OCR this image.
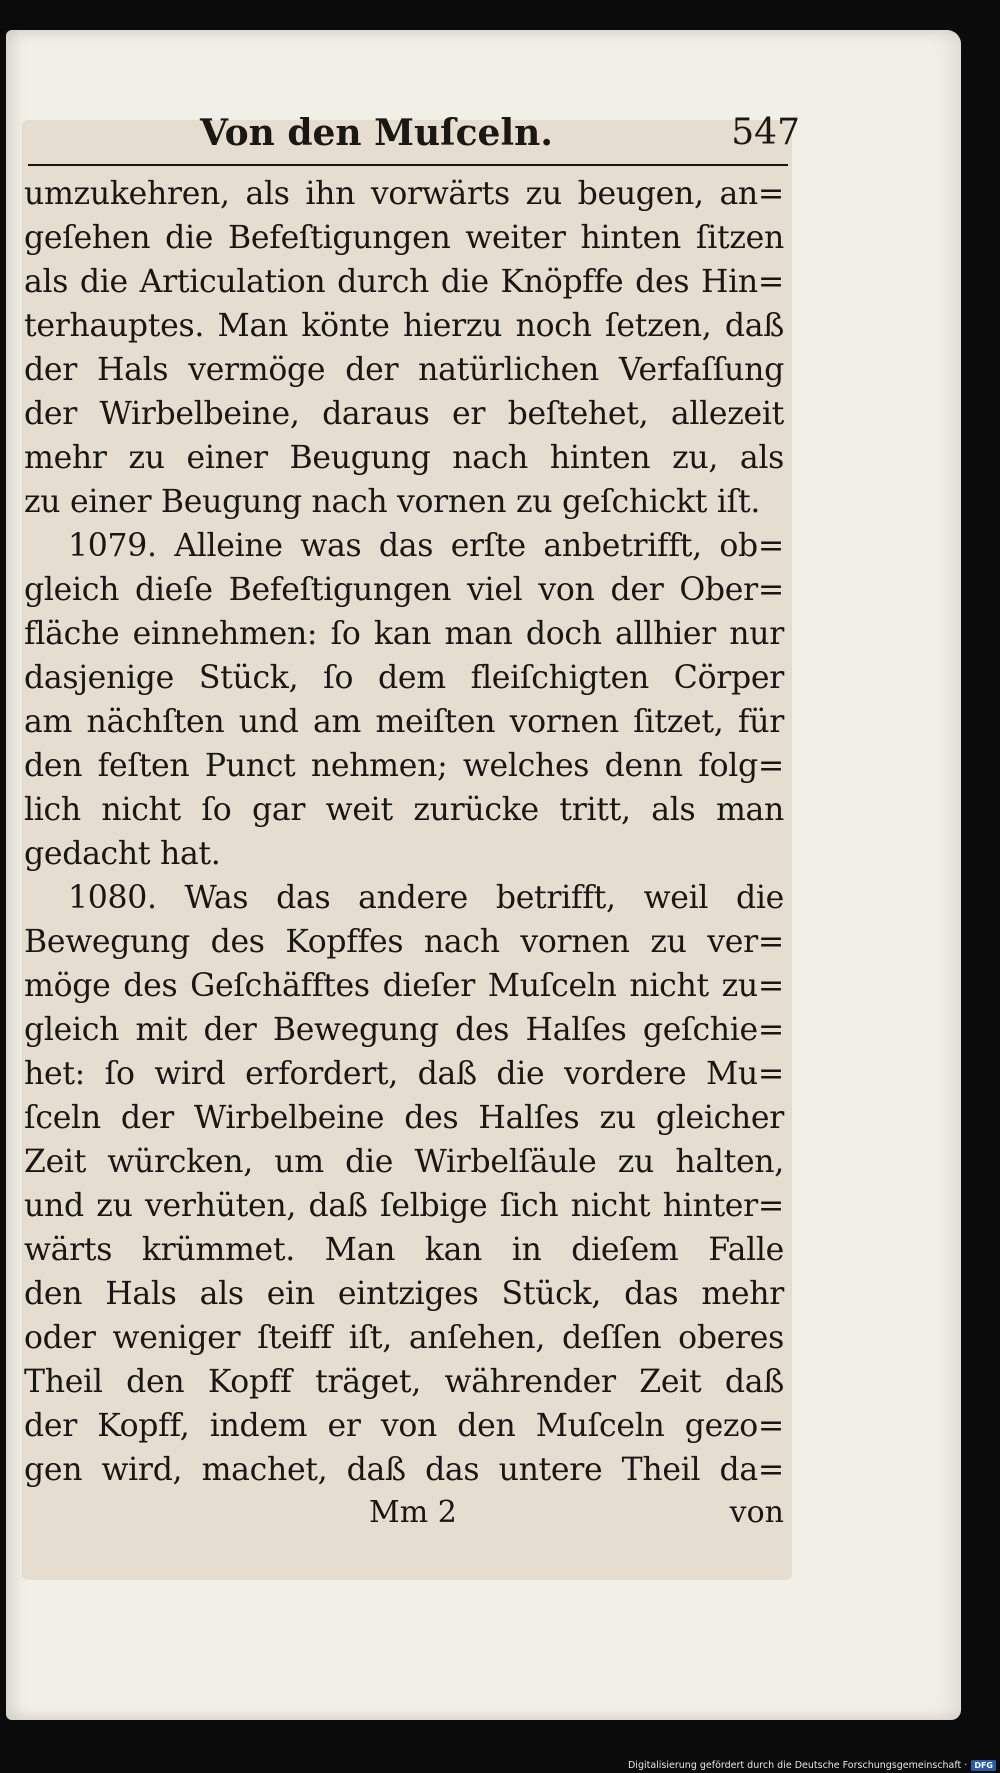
Von den Muſceln.	547
umzukehren, als ihn vorwärts zu beugen, an=
geſehen die Befeſtigungen weiter hinten ſitzen
als die Articulation durch die Knöpffe des Hin=
terhauptes. Man könte hierzu noch ſetzen, daß
der Hals vermöge der natürlichen Verfaſſung
der Wirbelbeine, daraus er beſtehet, allezeit
mehr zu einer Beugung nach hinten zu, als
zu einer Beugung nach vornen zu geſchickt iſt.
1079. Alleine was das erſte anbetrifft, ob=
gleich dieſe Befeſtigungen viel von der Ober=
fläche einnehmen: ſo kan man doch allhier nur
dasjenige Stück, ſo dem fleiſchigten Cörper
am nächſten und am meiſten vornen ſitzet, für
den feſten Punct nehmen; welches denn folg=
lich nicht ſo gar weit zurücke tritt, als man
gedacht hat.
1080. Was das andere betrifft, weil die
Bewegung des Kopffes nach vornen zu ver=
möge des Geſchäfftes dieſer Muſceln nicht zu=
gleich mit der Bewegung des Halſes geſchie=
het: ſo wird erfordert, daß die vordere Mu=
ſceln der Wirbelbeine des Halſes zu gleicher
Zeit würcken, um die Wirbelſäule zu halten,
und zu verhüten, daß ſelbige ſich nicht hinter=
wärts krümmet. Man kan in dieſem Falle
den Hals als ein eintziges Stück, das mehr
oder weniger ſteiff iſt, anſehen, deſſen oberes
Theil den Kopff träget, währender Zeit daß
der Kopff, indem er von den Muſceln gezo=
gen wird, machet, daß das untere Theil da=
Mm 2	von
Digitalisierung gefördert durch die Deutsche Forschungsgemeinschaft · DFG
